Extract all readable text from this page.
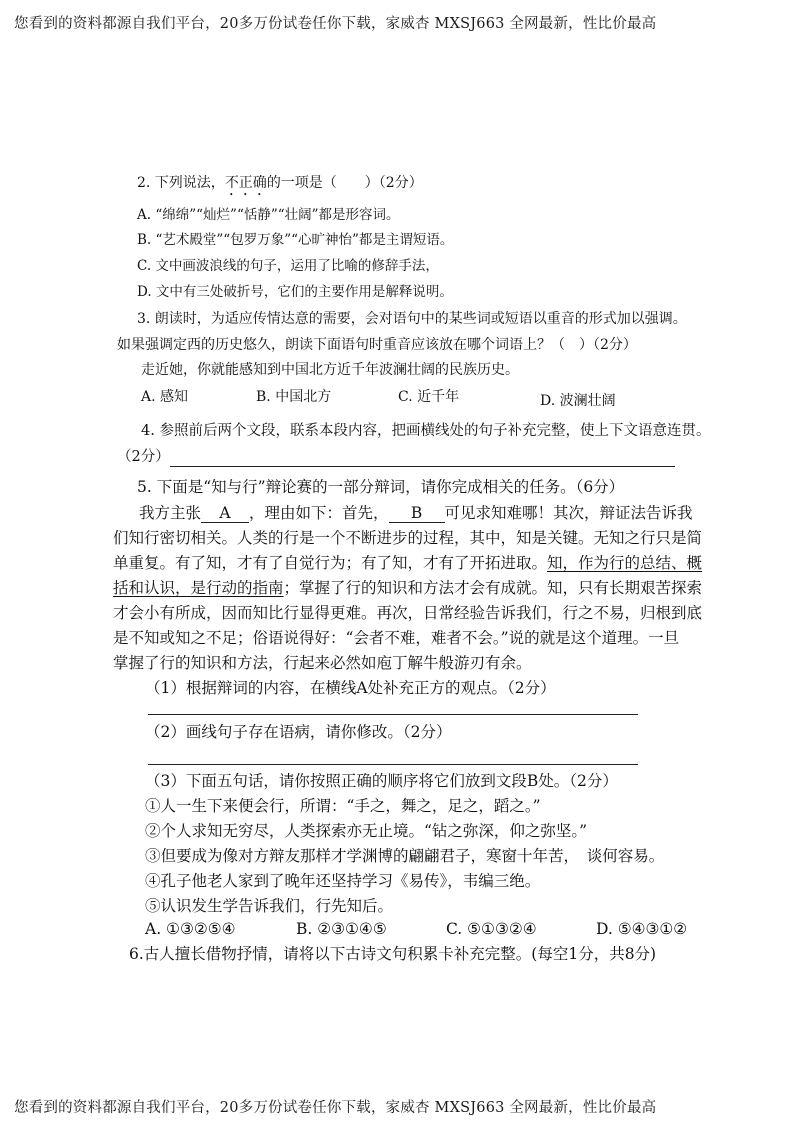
您看到的资料都源自我们平台，20多万份试卷任你下载，家威杏 MXSJ663 全网最新，性比价最高
2. 下列说法，不正确的一项是（　　）（2分）
A. “绵绵”“灿烂”“恬静”“壮阔”都是形容词。
B. “艺术殿堂”“包罗万象”“心旷神怡”都是主谓短语。
C. 文中画波浪线的句子，运用了比喻的修辞手法，
D. 文中有三处破折号，它们的主要作用是解释说明。
3. 朗读时，为适应传情达意的需要，会对语句中的某些词或短语以重音的形式加以强调。
如果强调定西的历史悠久，朗读下面语句时重音应该放在哪个词语上？（　）（2分）
走近她，你就能感知到中国北方近千年波澜壮阔的民族历史。
A. 感知	B. 中国北方	C. 近千年	D. 波澜壮阔
4. 参照前后两个文段，联系本段内容，把画横线处的句子补充完整，使上下文语意连贯。
（2分）
5. 下面是“知与行”辩论赛的一部分辩词，请你完成相关的任务。（6分）
我方主张 A ，理由如下：首先， B 可见求知难哪！其次，辩证法告诉我
们知行密切相关。人类的行是一个不断进步的过程，其中，知是关键。无知之行只是简
单重复。有了知，才有了自觉行为；有了知，才有了开拓进取。知，作为行的总结、概
括和认识，是行动的指南；掌握了行的知识和方法才会有成就。知，只有长期艰苦探索
才会小有所成，因而知比行显得更难。再次，日常经验告诉我们，行之不易，归根到底
是不知或知之不足；俗语说得好：“会者不难，难者不会。”说的就是这个道理。一旦
掌握了行的知识和方法，行起来必然如庖丁解牛般游刃有余。
（1）根据辩词的内容，在横线A处补充正方的观点。（2分）
（2）画线句子存在语病，请你修改。（2分）
（3）下面五句话，请你按照正确的顺序将它们放到文段B处。（2分）
①人一生下来便会行，所谓：“手之，舞之，足之，蹈之。”
②个人求知无穷尽，人类探索亦无止境。“钻之弥深，仰之弥坚。”
③但要成为像对方辩友那样才学渊博的翩翩君子，寒窗十年苦，　谈何容易。
④孔子他老人家到了晚年还坚持学习《易传》，韦编三绝。
⑤认识发生学告诉我们，行先知后。
A. ①③②⑤④	B. ②③①④⑤	C. ⑤①③②④	D. ⑤④③①②
6.古人擅长借物抒情，请将以下古诗文句积累卡补充完整。(每空1分，共8分)
您看到的资料都源自我们平台，20多万份试卷任你下载，家威杏 MXSJ663 全网最新，性比价最高
